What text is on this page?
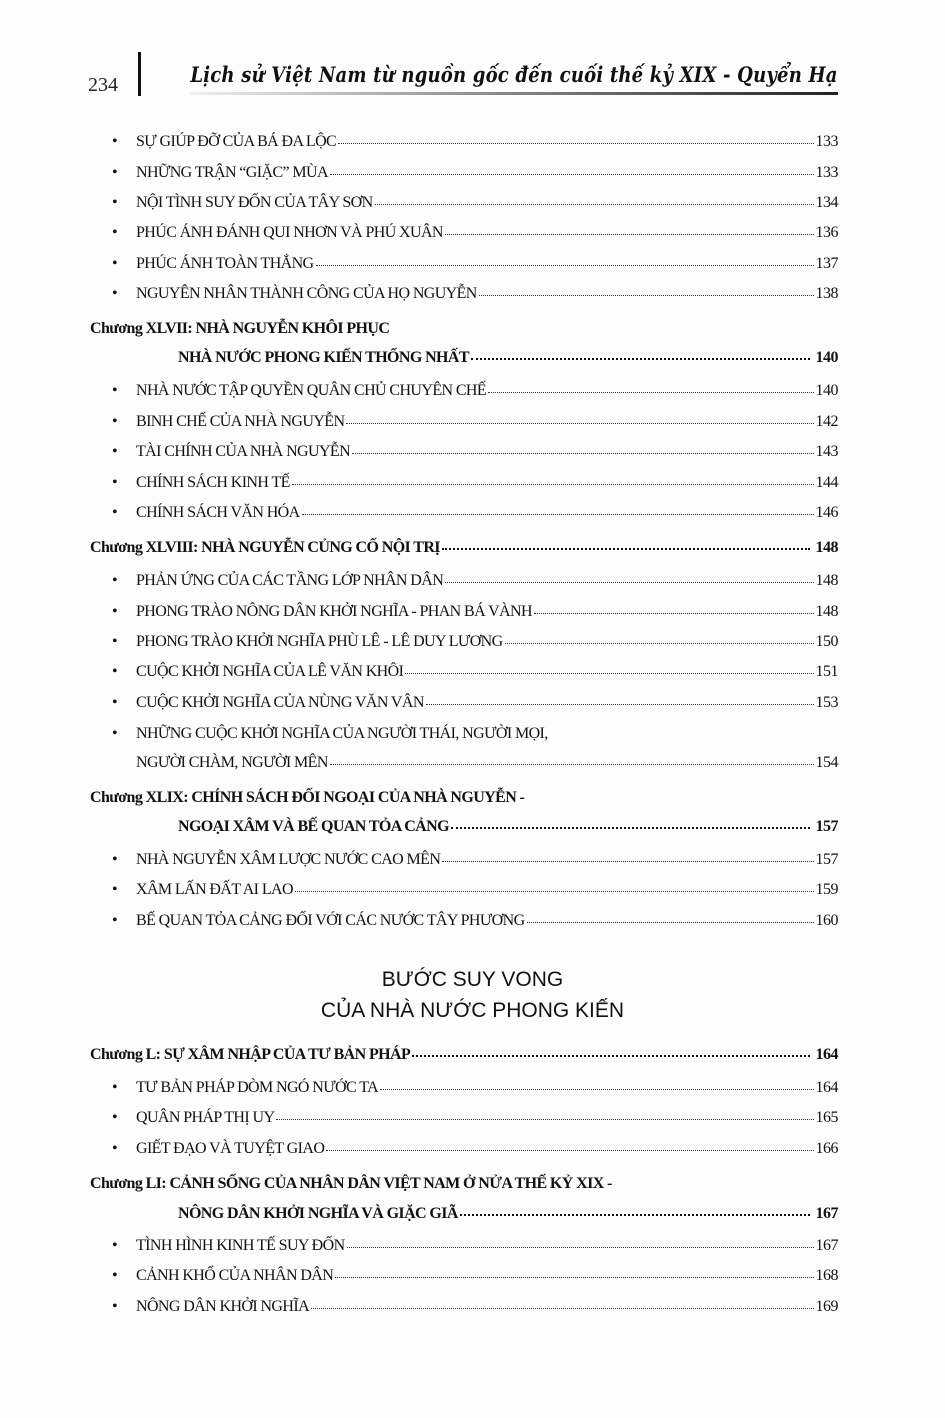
234	Lịch sử Việt Nam từ nguồn gốc đến cuối thế kỷ XIX - Quyển Hạ
•	SỰ GIÚP ĐỠ CỦA BÁ ĐA LỘC	133
•	NHỮNG TRẬN “GIẶC” MÙA	133
•	NỘI TÌNH SUY ĐỐN CỦA TÂY SƠN	134
•	PHÚC ÁNH ĐÁNH QUI NHƠN VÀ PHÚ XUÂN	136
•	PHÚC ÁNH TOÀN THẮNG	137
•	NGUYÊN NHÂN THÀNH CÔNG CỦA HỌ NGUYỄN	138
Chương XLVII: NHÀ NGUYỄN KHÔI PHỤC
NHÀ NƯỚC PHONG KIẾN THỐNG NHẤT	140
•	NHÀ NƯỚC TẬP QUYỀN QUÂN CHỦ CHUYÊN CHẾ	140
•	BINH CHẾ CỦA NHÀ NGUYỄN	142
•	TÀI CHÍNH CỦA NHÀ NGUYỄN	143
•	CHÍNH SÁCH KINH TẾ	144
•	CHÍNH SÁCH VĂN HÓA	146
Chương XLVIII: NHÀ NGUYỄN CỦNG CỐ NỘI TRỊ	148
•	PHẢN ỨNG CỦA CÁC TẦNG LỚP NHÂN DÂN	148
•	PHONG TRÀO NÔNG DÂN KHỞI NGHĨA - PHAN BÁ VÀNH	148
•	PHONG TRÀO KHỞI NGHĨA PHÙ LÊ - LÊ DUY LƯƠNG	150
•	CUỘC KHỞI NGHĨA CỦA LÊ VĂN KHÔI	151
•	CUỘC KHỞI NGHĨA CỦA NÙNG VĂN VÂN	153
•	NHỮNG CUỘC KHỞI NGHĨA CỦA NGƯỜI THÁI, NGƯỜI MỌI,
NGƯỜI CHÀM, NGƯỜI MÊN	154
Chương XLIX: CHÍNH SÁCH ĐỐI NGOẠI CỦA NHÀ NGUYỄN -
NGOẠI XÂM VÀ BẾ QUAN TỎA CẢNG	157
•	NHÀ NGUYỄN XÂM LƯỢC NƯỚC CAO MÊN	157
•	XÂM LẤN ĐẤT AI LAO	159
•	BẾ QUAN TỎA CẢNG ĐỐI VỚI CÁC NƯỚC TÂY PHƯƠNG	160
BƯỚC SUY VONG
CỦA NHÀ NƯỚC PHONG KIẾN
Chương L: SỰ XÂM NHẬP CỦA TƯ BẢN PHÁP	164
•	TƯ BẢN PHÁP DÒM NGÓ NƯỚC TA	164
•	QUÂN PHÁP THỊ UY	165
•	GIẾT ĐẠO VÀ TUYỆT GIAO	166
Chương LI: CẢNH SỐNG CỦA NHÂN DÂN VIỆT NAM Ở NỬA THẾ KỶ XIX -
NÔNG DÂN KHỞI NGHĨA VÀ GIẶC GIÃ	167
•	TÌNH HÌNH KINH TẾ SUY ĐỐN	167
•	CẢNH KHỔ CỦA NHÂN DÂN	168
•	NÔNG DÂN KHỞI NGHĨA	169
